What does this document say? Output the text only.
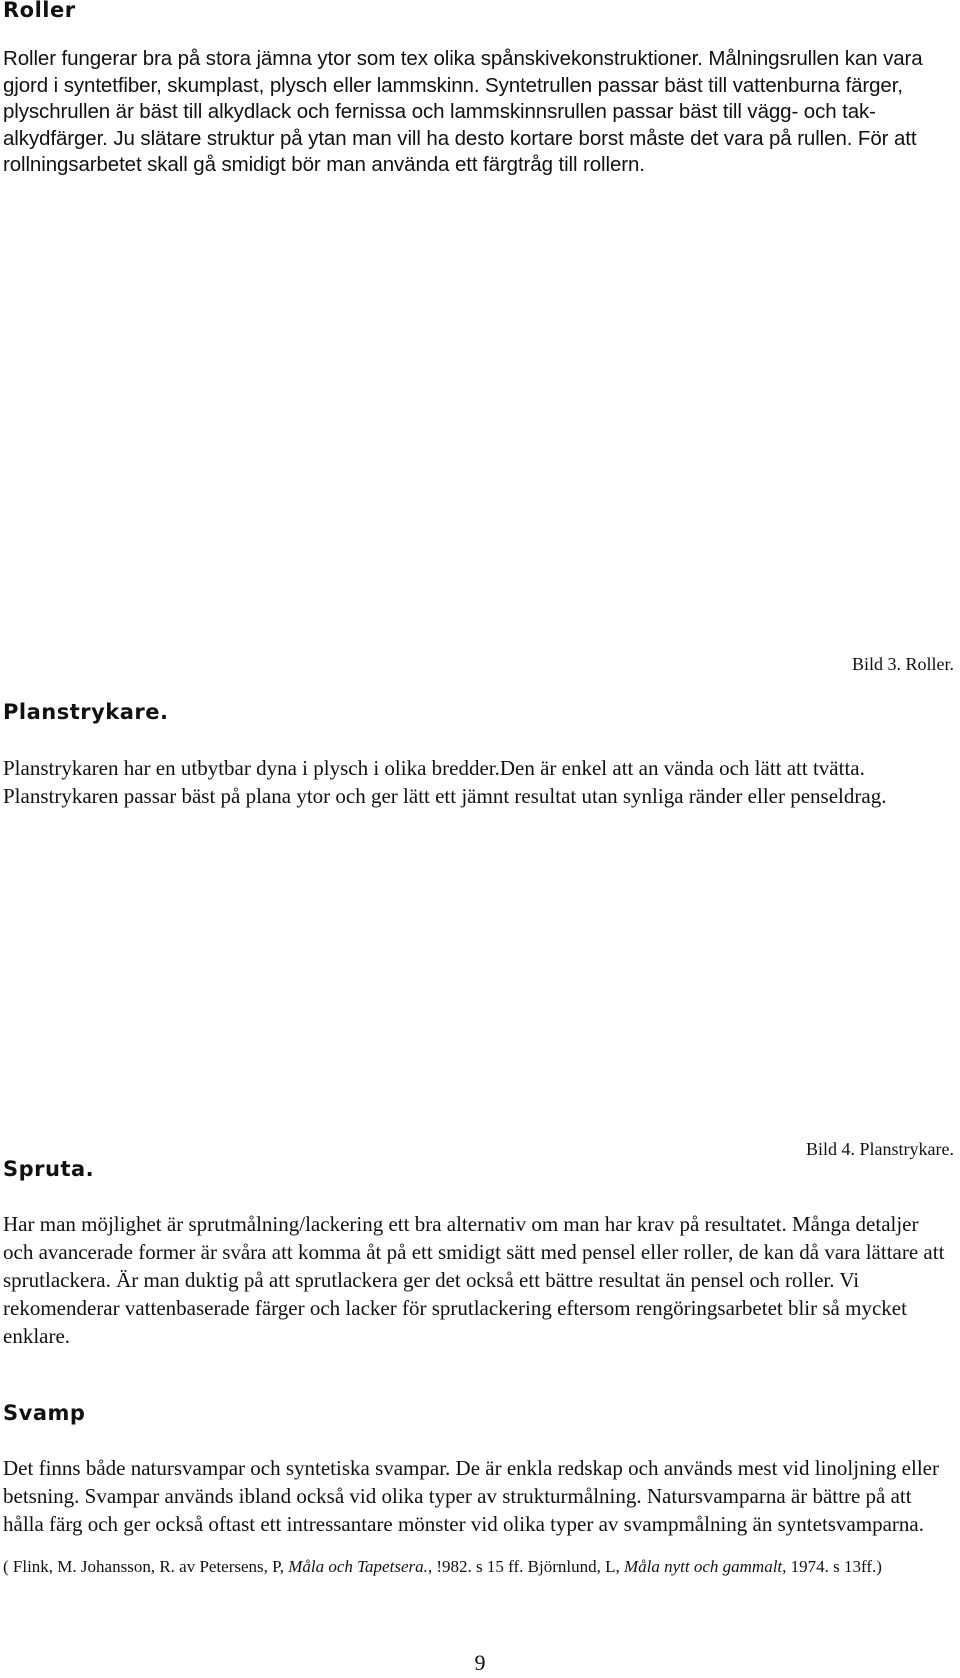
Roller

Roller fungerar bra på stora jämna ytor som tex olika spånskivekonstruktioner. Målningsrullen kan vara gjord i syntetfiber, skumplast, plysch eller lammskinn. Syntetrullen passar bäst till vattenburna färger, plyschrullen är bäst till alkydlack och fernissa och lammskinnsrullen passar bäst till vägg- och tak- alkydfärger. Ju slätare struktur på ytan man vill ha desto kortare borst måste det vara på rullen. För att rollningsarbetet skall gå smidigt bör man använda ett färgtråg till rollern.

Bild 3. Roller.

Planstrykare.

Planstrykaren har en utbytbar dyna i plysch i olika bredder.Den är enkel att an vända och lätt att tvätta. Planstrykaren passar bäst på plana ytor och ger lätt ett jämnt resultat utan synliga ränder eller penseldrag.

Bild 4. Planstrykare.

Spruta.

Har man möjlighet är sprutmålning/lackering ett bra alternativ om man har krav på resultatet. Många detaljer och avancerade former är svåra att komma åt på ett smidigt sätt med pensel eller roller, de kan då vara lättare att sprutlackera. Är man duktig på att sprutlackera ger det också ett bättre resultat än pensel och roller. Vi rekomenderar vattenbaserade färger och lacker för sprutlackering eftersom rengöringsarbetet blir så mycket enklare.

Svamp

Det finns både natursvampar och syntetiska svampar. De är enkla redskap och används mest vid linoljning eller betsning. Svampar används ibland också vid olika typer av strukturmålning. Natursvamparna är bättre på att hålla färg och ger också oftast ett intressantare mönster vid olika typer av svampmålning än syntetsvamparna.

( Flink, M. Johansson, R. av Petersens, P, Måla och Tapetsera., !982. s 15 ff. Björnlund, L, Måla nytt och gammalt, 1974. s 13ff.)

9
